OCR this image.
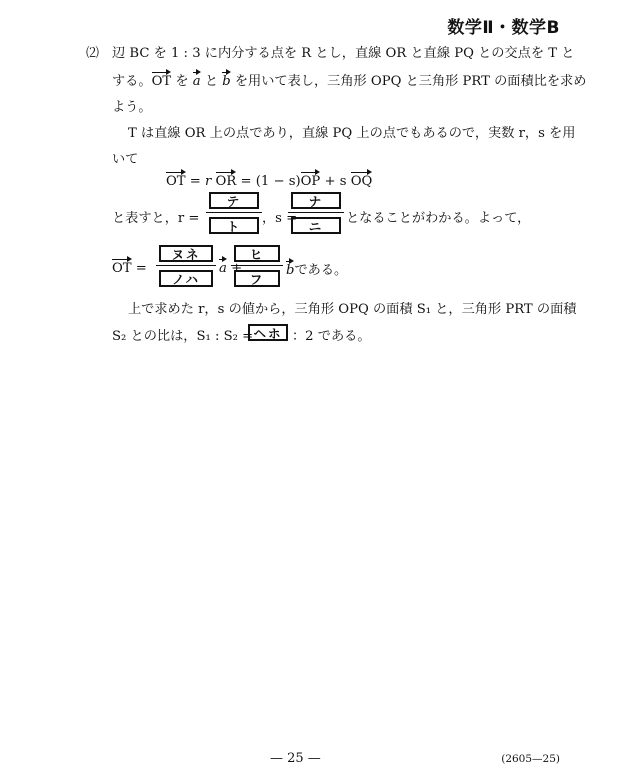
数学Ⅱ・数学B
⑵ 辺 BC を 1 : 3 に内分する点を R とし，直線 OR と直線 PQ との交点を T と
する。OT を a と b を用いて表し，三角形 OPQ と三角形 PRT の面積比を求め
よう。
T は直線 OR 上の点であり，直線 PQ 上の点でもあるので，実数 r，s を用
いて
OT = r OR = (1 − s)OP + s OQ
と表すと，r =
テ
ト	，s =
ナ
ニ	となることがわかる。よって，
OT =
ヌネ
ノハ
a +
ヒ
フ
bである。
上で求めた r，s の値から，三角形 OPQ の面積 S₁ と，三角形 PRT の面積
S₂ との比は，S₁ : S₂ = ヘホ ：2 である。
— 25 —	(2605—25)
